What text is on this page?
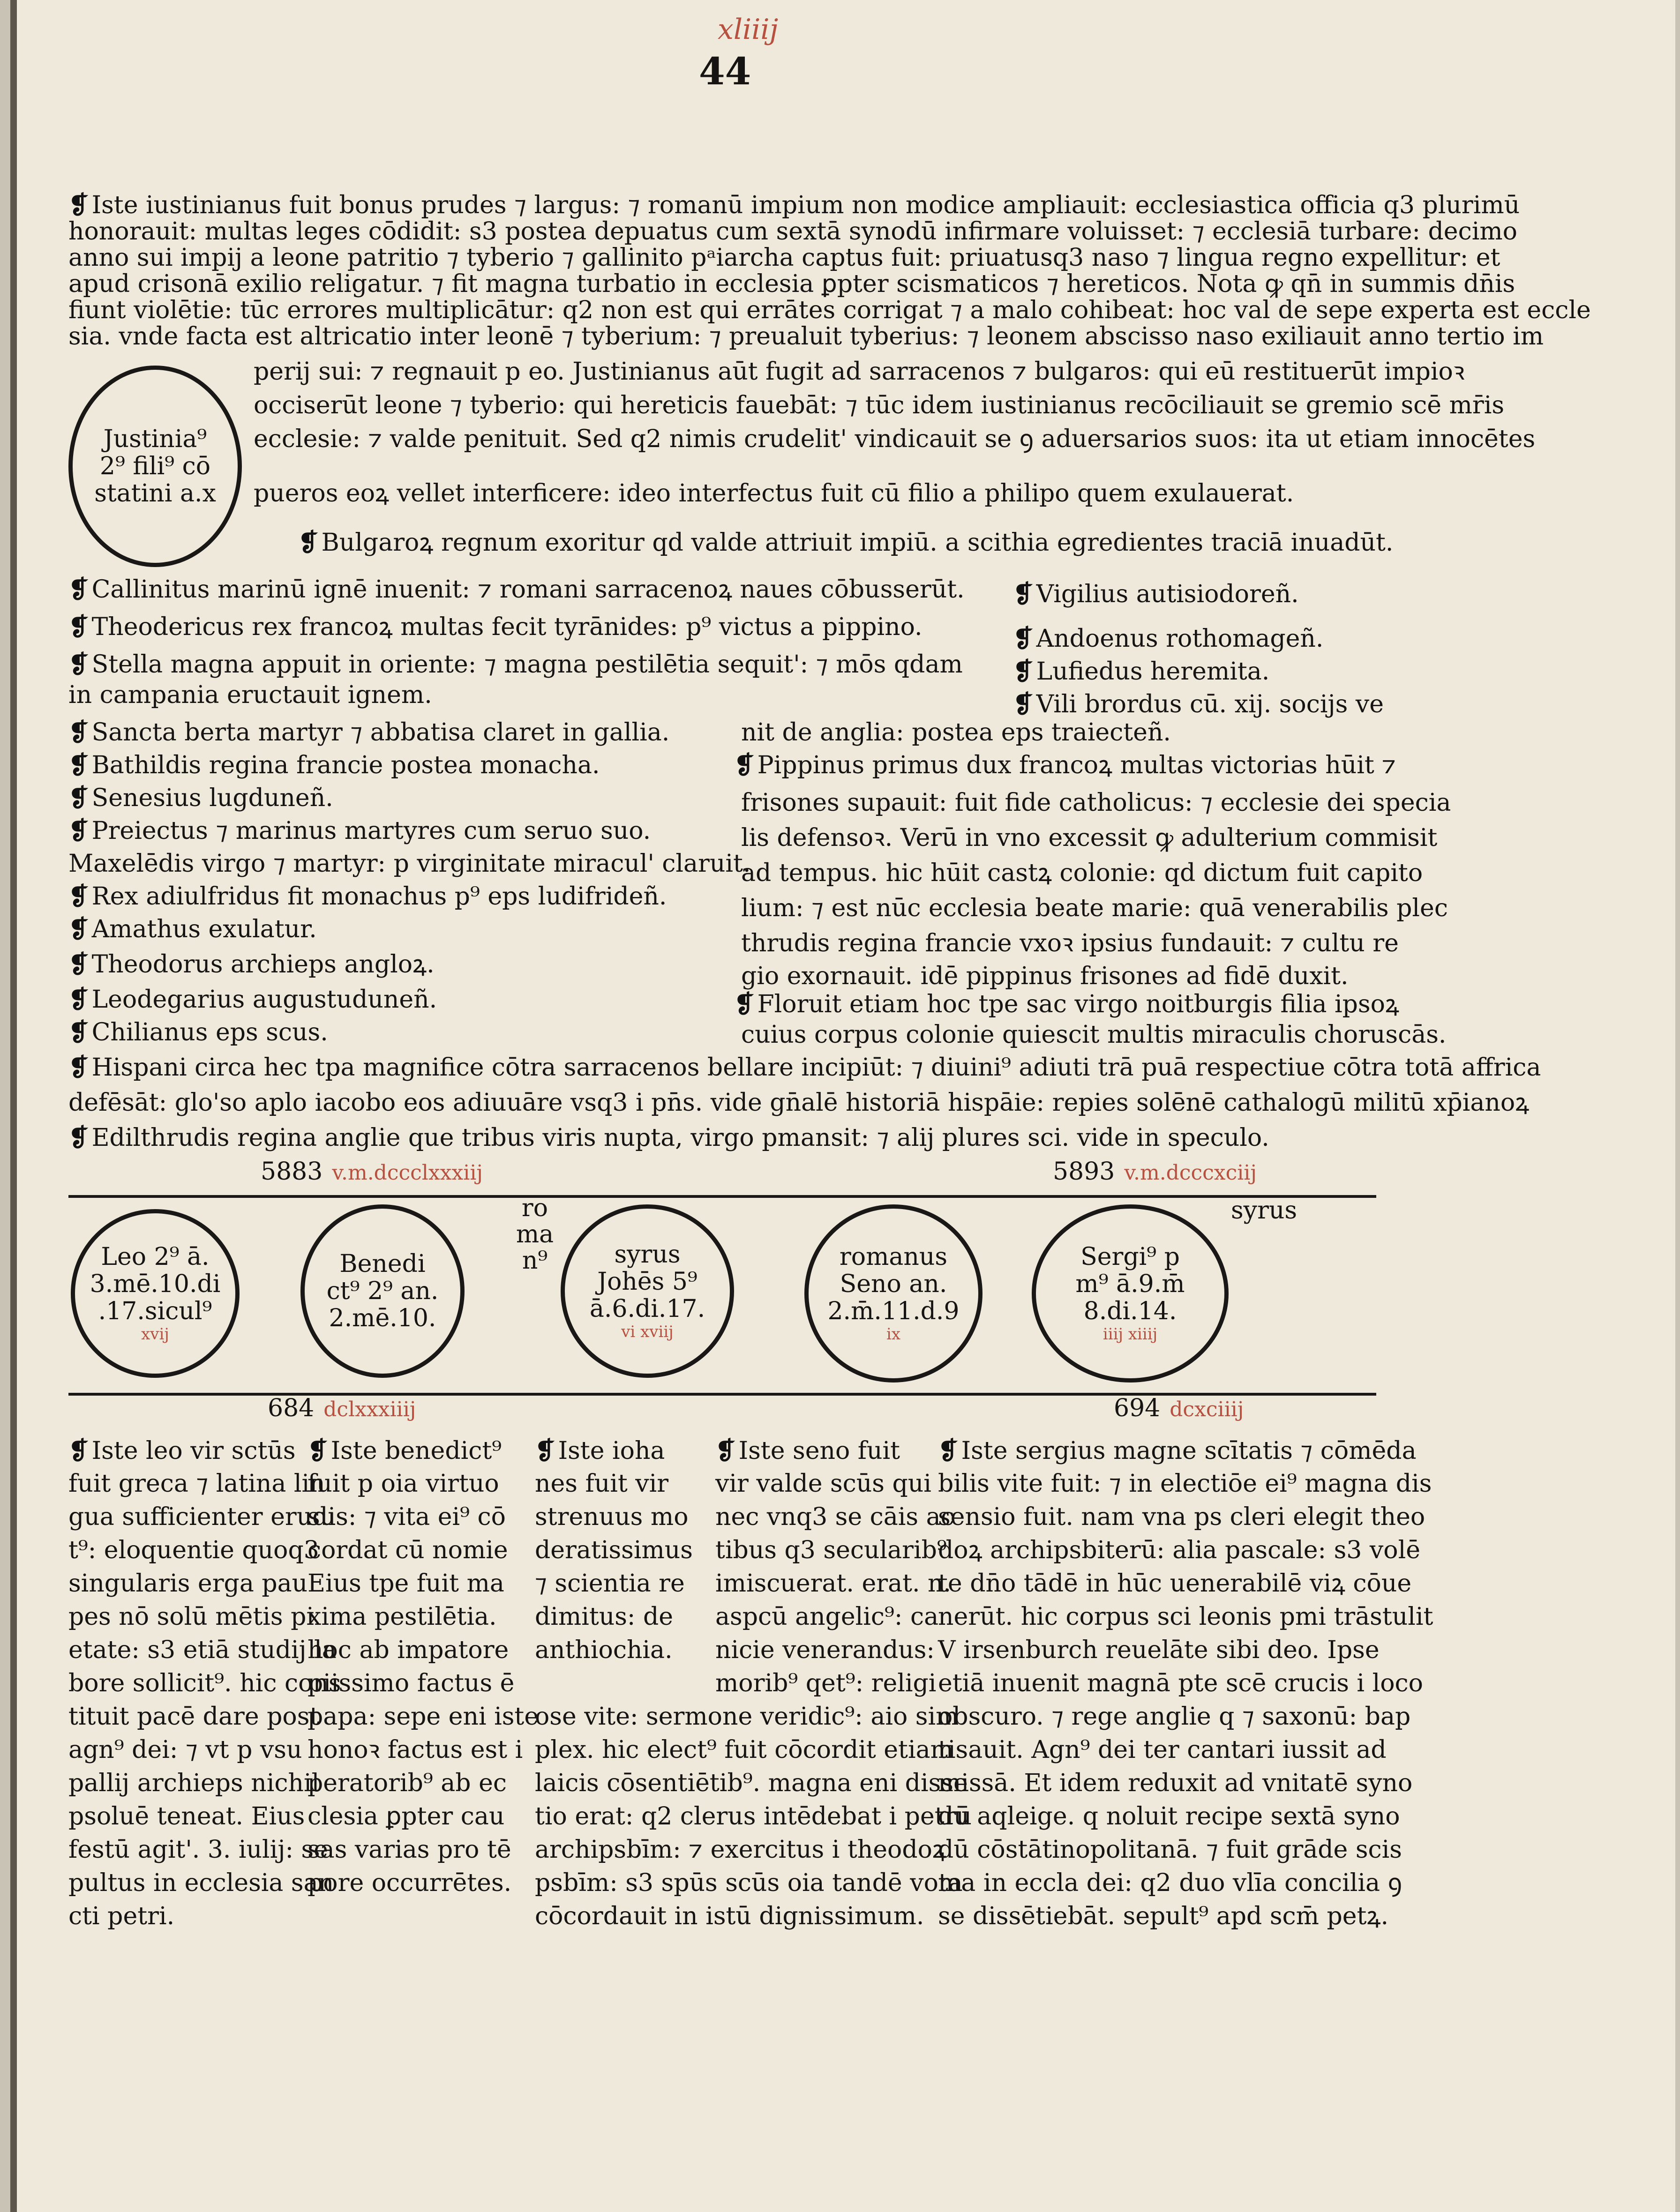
xliiij
44
❡ Iste iustinianus fuit bonus prudes ⁊ largus: ⁊ romanū impium non modice ampliauit: ecclesiastica officia q3 plurimū
honorauit: multas leges cōdidit: s3 postea depuatus cum sextā synodū infirmare voluisset: ⁊ ecclesiā turbare: decimo
anno sui impij a leone patritio ⁊ tyberio ⁊ gallinito pᵃiarcha captus fuit: priuatusq3 naso ⁊ lingua regno expellitur: et
apud crisonā exilio religatur. ⁊ fit magna turbatio in ecclesia ꝑpter scismaticos ⁊ hereticos. Nota ꝙ qn̄ in summis dn̄is
fiunt violētie: tūc errores multiplicātur: q2 non est qui errātes corrigat ⁊ a malo cohibeat: hoc val de sepe experta est eccle
sia. vnde facta est altricatio inter leonē ⁊ tyberium: ⁊ preualuit tyberius: ⁊ leonem abscisso naso exiliauit anno tertio im
Justinia⁹
2⁹ fili⁹ cō
statini a.x
perij sui: ⁊ regnauit p eo. Justinianus aūt fugit ad sarracenos ⁊ bulgaros: qui eū restituerūt impioꝛ
occiserūt leone ⁊ tyberio: qui hereticis fauebāt: ⁊ tūc idem iustinianus recōciliauit se gremio scē mr̄is
ecclesie: ⁊ valde penituit. Sed q2 nimis crudelit' vindicauit se ꝯ aduersarios suos: ita ut etiam innocētes
pueros eoꝝ vellet interficere: ideo interfectus fuit cū filio a philipo quem exulauerat.
❡ Bulgaroꝝ regnum exoritur qd valde attriuit impiū. a scithia egredientes traciā inuadūt.
❡ Callinitus marinū ignē inuenit: ⁊ romani sarracenoꝝ naues cōbusserūt.
❡ Theodericus rex francoꝝ multas fecit tyrānides: p⁹ victus a pippino.
❡ Stella magna appuit in oriente: ⁊ magna pestilētia sequit': ⁊ mōs qdam
in campania eructauit ignem.
❡ Sancta berta martyr ⁊ abbatisa claret in gallia.
❡ Bathildis regina francie postea monacha.
❡ Senesius lugduneñ.
❡ Preiectus ⁊ marinus martyres cum seruo suo.
Maxelēdis virgo ⁊ martyr: p virginitate miracul' claruit.
❡ Rex adiulfridus fit monachus p⁹ eps ludifrideñ.
❡ Amathus exulatur.
❡ Theodorus archieps angloꝝ.
❡ Leodegarius augustuduneñ.
❡ Chilianus eps scus.
❡ Vigilius autisiodoreñ.
❡ Andoenus rothomageñ.
❡ Lufiedus heremita.
❡ Vili brordus cū. xij. socijs ve
nit de anglia: postea eps traiecteñ.
❡ Pippinus primus dux francoꝝ multas victorias hūit ⁊
frisones supauit: fuit fide catholicus: ⁊ ecclesie dei specia
lis defensoꝛ. Verū in vno excessit ꝙ adulterium commisit
ad tempus. hic hūit castꝝ colonie: qd dictum fuit capito
lium: ⁊ est nūc ecclesia beate marie: quā venerabilis plec
thrudis regina francie vxoꝛ ipsius fundauit: ⁊ cultu re
gio exornauit. idē pippinus frisones ad fidē duxit.
❡ Floruit etiam hoc tpe sac virgo noitburgis filia ipsoꝝ
cuius corpus colonie quiescit multis miraculis choruscās.
❡ Hispani circa hec tpa magnifice cōtra sarracenos bellare incipiūt: ⁊ diuini⁹ adiuti trā puā respectiue cōtra totā affrica
defēsāt: glo'so aplo iacobo eos adiuuāre vsq3 i pn̄s. vide gn̄alē historiā hispāie: repies solēnē cathalogū militū xp̄ianoꝝ
❡ Edilthrudis regina anglie que tribus viris nupta, virgo pmansit: ⁊ alij plures sci. vide in speculo.
5883 v.m.dccclxxxiij	5893 v.m.dcccxciij
ro
ma
n⁹
syrus
Leo 2⁹ ā.
3.mē.10.di
.17.sicul⁹
xvij
Benedi
ct⁹ 2⁹ an.
2.mē.10.
syrus
Johēs 5⁹
ā.6.di.17.
vi xviij
romanus
Seno an.
2.m̄.11.d.9
ix
Sergi⁹ p
m⁹ ā.9.m̄
8.di.14.
iiij xiiij
684 dclxxxiiij	694 dcxciiij
❡ Iste leo vir sctūs
fuit greca ⁊ latina lin
gua sufficienter erudi
t⁹: eloquentie quoq3
singularis erga pau
pes nō solū mētis pi
etate: s3 etiā studij la
bore sollicit⁹. hic cons
tituit pacē dare post
agn⁹ dei: ⁊ vt p vsu
pallij archieps nichil
psoluē teneat. Eius
festū agit'. 3. iulij: se
pultus in ecclesia san
cti petri.
❡ Iste benedict⁹
fuit p oia virtuo
sus: ⁊ vita ei⁹ cō
cordat cū nomie
Eius tpe fuit ma
xima pestilētia.
hoc ab impatore
piissimo factus ē
papa: sepe eni iste
honoꝛ factus est i
peratorib⁹ ab ec
clesia ꝑpter cau
sas varias pro tē
pore occurrētes.
❡ Iste ioha
nes fuit vir
strenuus mo
deratissimus
⁊ scientia re
dimitus: de
anthiochia.
❡ Iste seno fuit
vir valde scūs qui
nec vnq3 se cāis ac
tibus q3 secularib⁹
imiscuerat. erat. n.
aspcū angelic⁹: ca
nicie venerandus:
morib⁹ qet⁹: religi
ose vite: sermone veridic⁹: aio sim
plex. hic elect⁹ fuit cōcordit etiam
laicis cōsentiētib⁹. magna eni disse
tio erat: q2 clerus intēdebat i petrū
archipsbīm: ⁊ exercitus i theodoꝝ
psbīm: s3 spūs scūs oia tandē vota
cōcordauit in istū dignissimum.
❡ Iste sergius magne scītatis ⁊ cōmēda
bilis vite fuit: ⁊ in electiōe ei⁹ magna dis
sensio fuit. nam vna ps cleri elegit theo
doꝝ archipsbiterū: alia pascale: s3 volē
te dn̄o tādē in hūc uenerabilē viꝝ cōue
nerūt. hic corpus sci leonis pmi trāstulit
V irsenburch reuelāte sibi deo. Ipse
etiā inuenit magnā pte scē crucis i loco
obscuro. ⁊ rege anglie q ⁊ saxonū: bap
tisauit. Agn⁹ dei ter cantari iussit ad
missā. Et idem reduxit ad vnitatē syno
dū aqleige. q noluit recipe sextā syno
dū cōstātinopolitanā. ⁊ fuit grāde scis
ma in eccla dei: q2 duo vlīa concilia ꝯ
se dissētiebāt. sepult⁹ apd scm̄ petꝝ.
